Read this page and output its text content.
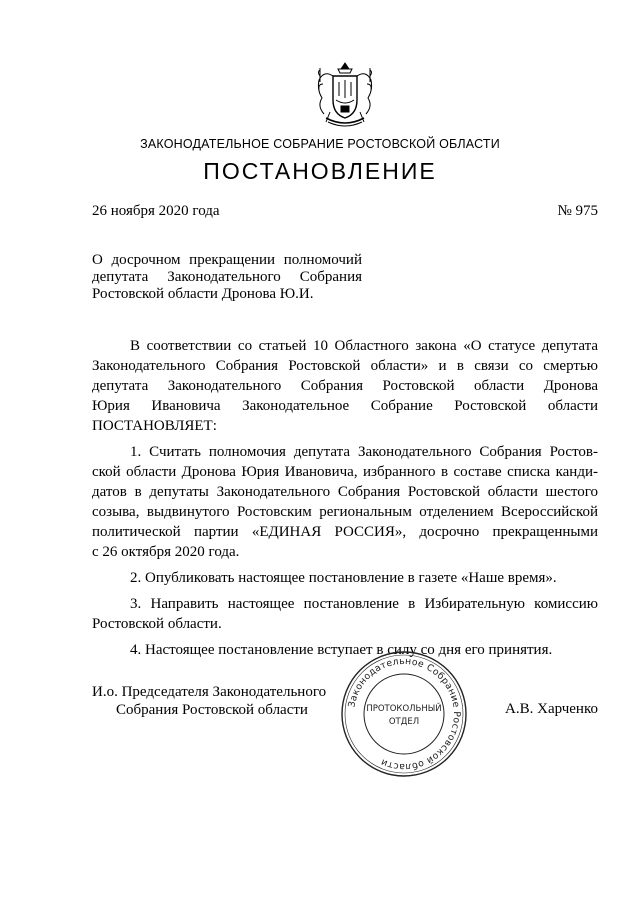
ЗАКОНОДАТЕЛЬНОЕ СОБРАНИЕ РОСТОВСКОЙ ОБЛАСТИ
ПОСТАНОВЛЕНИЕ
26 ноября 2020 года	№ 975
О досрочном прекращении полномочий
депутата Законодательного Собрания
Ростовской области Дронова Ю.И.
В соответствии со статьей 10 Областного закона «О статусе депутата
Законодательного Собрания Ростовской области» и в связи со смертью
депутата Законодательного Собрания Ростовской области Дронова
Юрия Ивановича Законодательное Собрание Ростовской области
ПОСТАНОВЛЯЕТ:
1. Считать полномочия депутата Законодательного Собрания Ростов-
ской области Дронова Юрия Ивановича, избранного в составе списка канди-
датов в депутаты Законодательного Собрания Ростовской области шестого
созыва, выдвинутого Ростовским региональным отделением Всероссийской
политической партии «ЕДИНАЯ РОССИЯ», досрочно прекращенными
с 26 октября 2020 года.
2. Опубликовать настоящее постановление в газете «Наше время».
3. Направить настоящее постановление в Избирательную комиссию
Ростовской области.
4. Настоящее постановление вступает в силу со дня его принятия.
И.о. Председателя Законодательного
Собрания Ростовской области	А.В. Харченко
Законодательное Собрание Ростовской области
ПРОТОКОЛЬНЫЙ
ОТДЕЛ
